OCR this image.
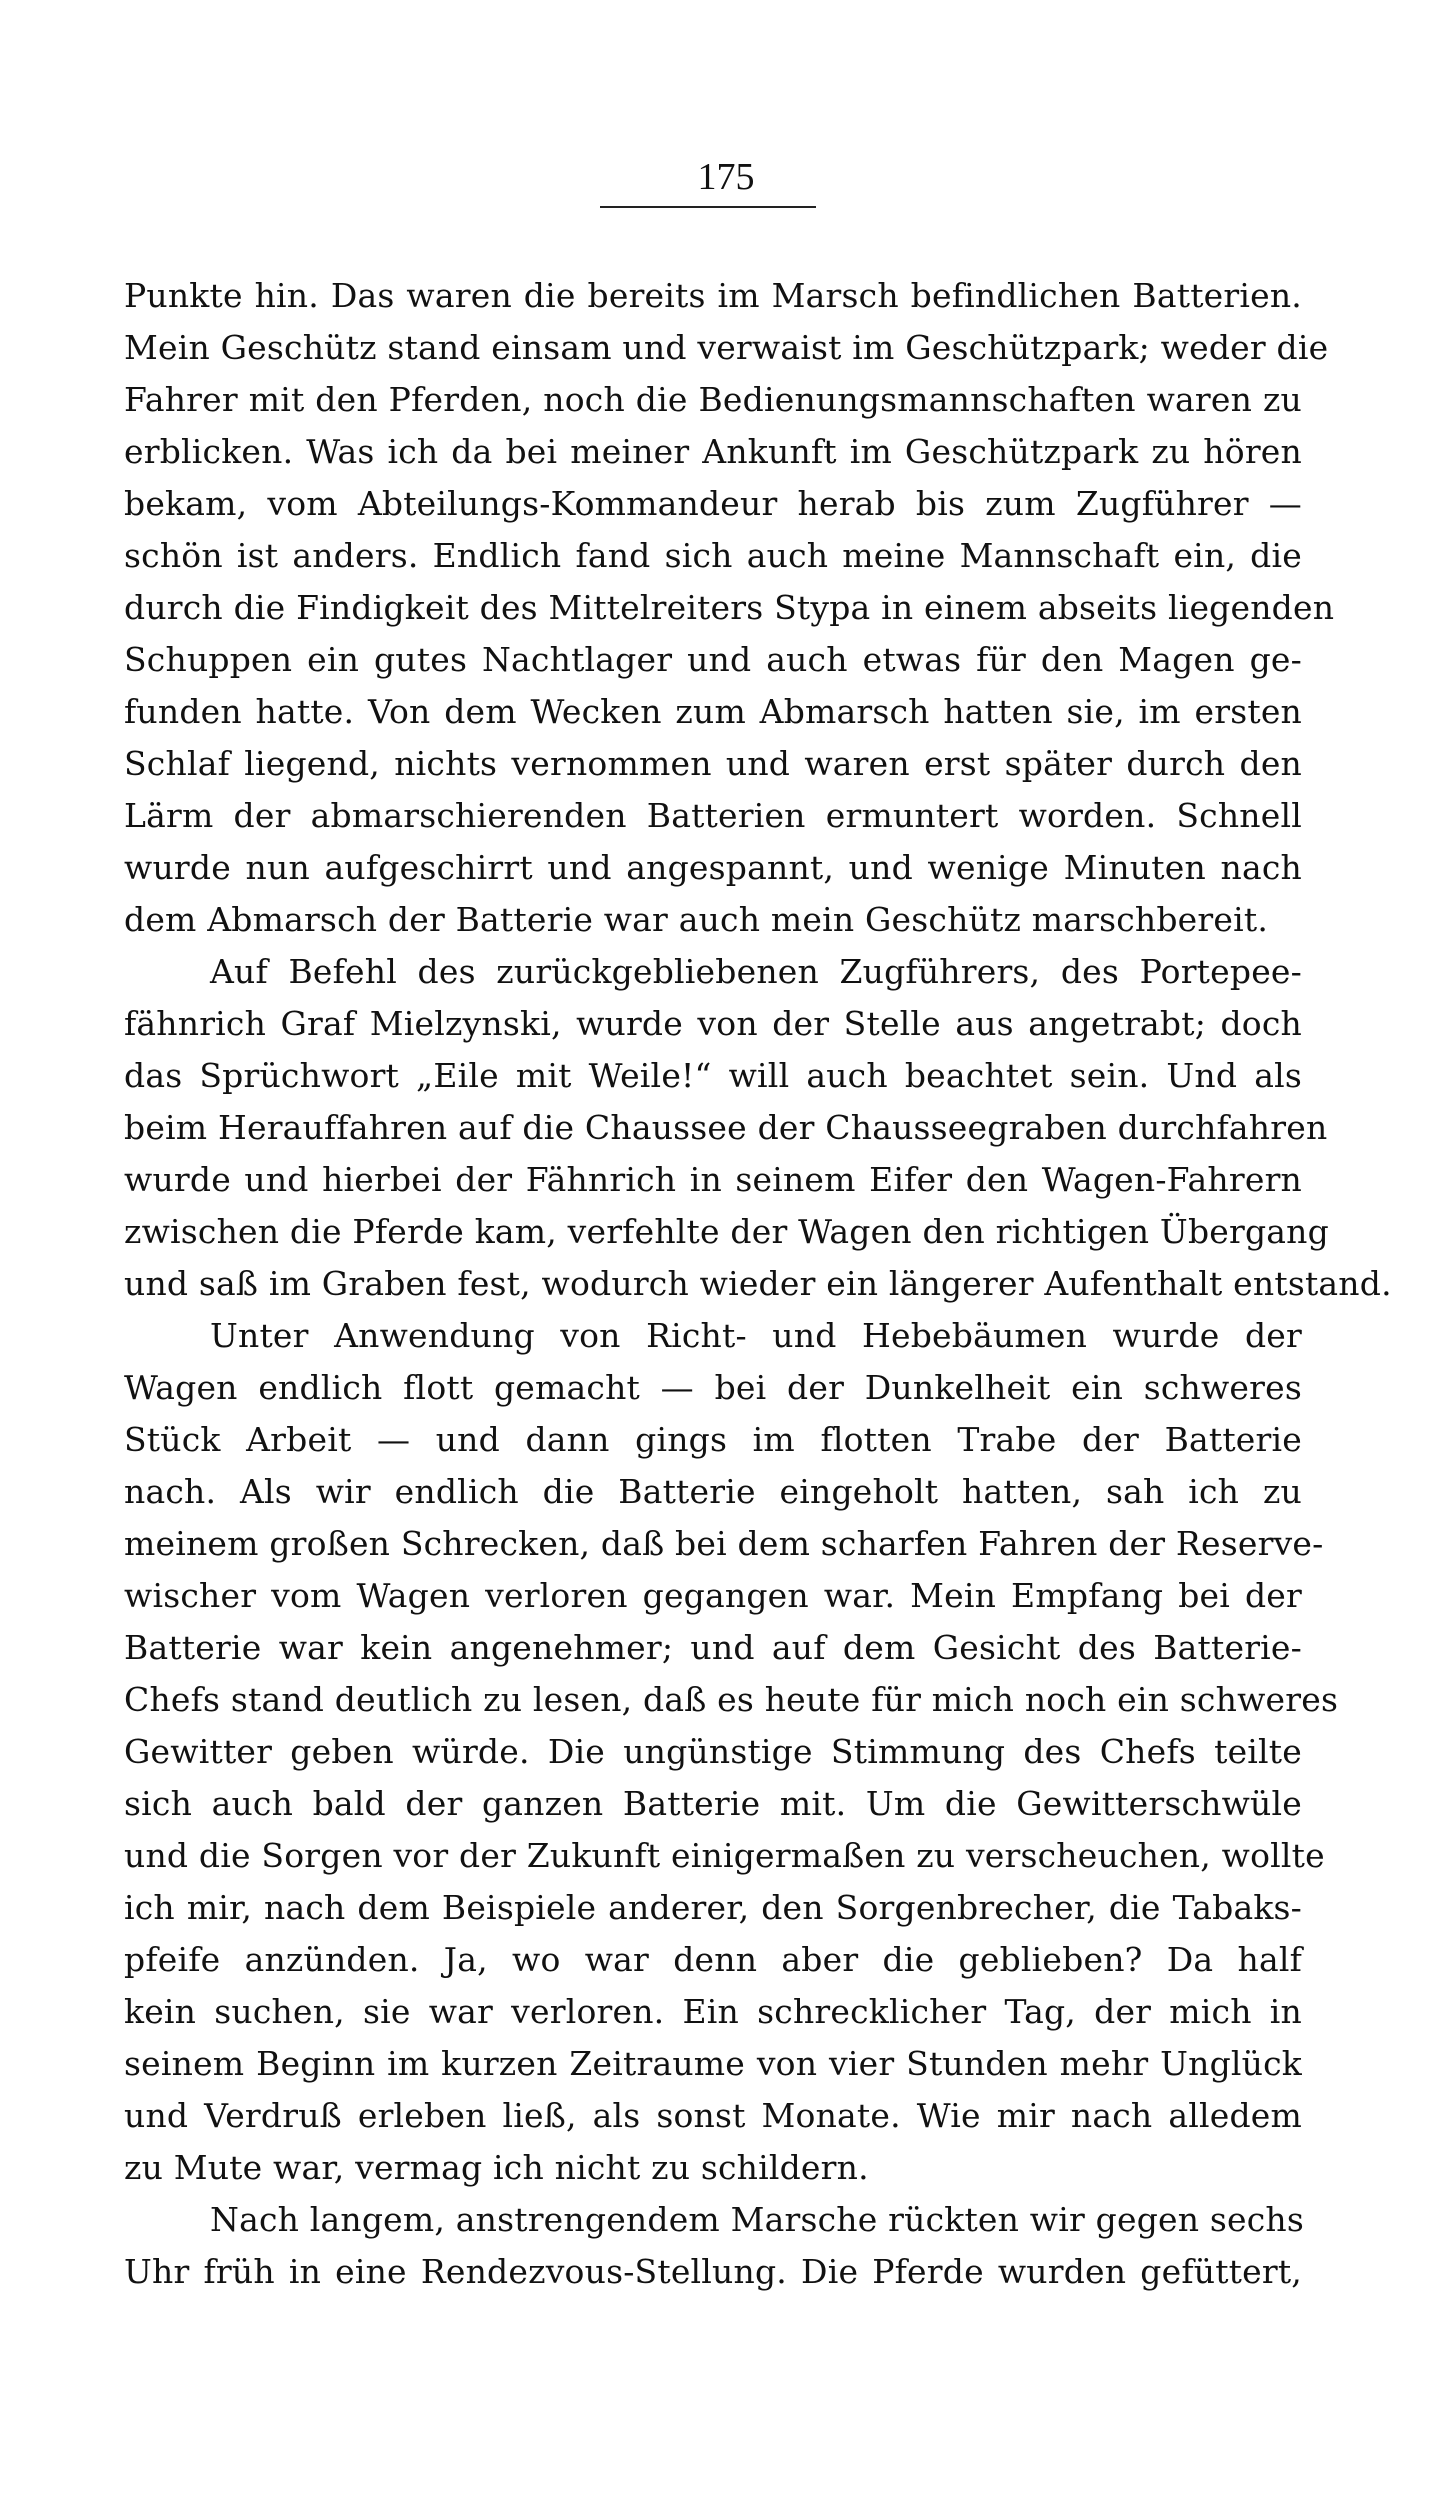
175
Punkte hin. Das waren die bereits im Marsch befindlichen Batterien.
Mein Geschütz stand einsam und verwaist im Geschützpark; weder die
Fahrer mit den Pferden, noch die Bedienungsmannschaften waren zu
erblicken. Was ich da bei meiner Ankunft im Geschützpark zu hören
bekam, vom Abteilungs-Kommandeur herab bis zum Zugführer —
schön ist anders. Endlich fand sich auch meine Mannschaft ein, die
durch die Findigkeit des Mittelreiters Stypa in einem abseits liegenden
Schuppen ein gutes Nachtlager und auch etwas für den Magen ge-
funden hatte. Von dem Wecken zum Abmarsch hatten sie, im ersten
Schlaf liegend, nichts vernommen und waren erst später durch den
Lärm der abmarschierenden Batterien ermuntert worden. Schnell
wurde nun aufgeschirrt und angespannt, und wenige Minuten nach
dem Abmarsch der Batterie war auch mein Geschütz marschbereit.
Auf Befehl des zurückgebliebenen Zugführers, des Portepee-
fähnrich Graf Mielzynski, wurde von der Stelle aus angetrabt; doch
das Sprüchwort „Eile mit Weile!“ will auch beachtet sein. Und als
beim Herauffahren auf die Chaussee der Chausseegraben durchfahren
wurde und hierbei der Fähnrich in seinem Eifer den Wagen-Fahrern
zwischen die Pferde kam, verfehlte der Wagen den richtigen Übergang
und saß im Graben fest, wodurch wieder ein längerer Aufenthalt entstand.
Unter Anwendung von Richt- und Hebebäumen wurde der
Wagen endlich flott gemacht — bei der Dunkelheit ein schweres
Stück Arbeit — und dann gings im flotten Trabe der Batterie
nach. Als wir endlich die Batterie eingeholt hatten, sah ich zu
meinem großen Schrecken, daß bei dem scharfen Fahren der Reserve-
wischer vom Wagen verloren gegangen war. Mein Empfang bei der
Batterie war kein angenehmer; und auf dem Gesicht des Batterie-
Chefs stand deutlich zu lesen, daß es heute für mich noch ein schweres
Gewitter geben würde. Die ungünstige Stimmung des Chefs teilte
sich auch bald der ganzen Batterie mit. Um die Gewitterschwüle
und die Sorgen vor der Zukunft einigermaßen zu verscheuchen, wollte
ich mir, nach dem Beispiele anderer, den Sorgenbrecher, die Tabaks-
pfeife anzünden. Ja, wo war denn aber die geblieben? Da half
kein suchen, sie war verloren. Ein schrecklicher Tag, der mich in
seinem Beginn im kurzen Zeitraume von vier Stunden mehr Unglück
und Verdruß erleben ließ, als sonst Monate. Wie mir nach alledem
zu Mute war, vermag ich nicht zu schildern.
Nach langem, anstrengendem Marsche rückten wir gegen sechs
Uhr früh in eine Rendezvous-Stellung. Die Pferde wurden gefüttert,
